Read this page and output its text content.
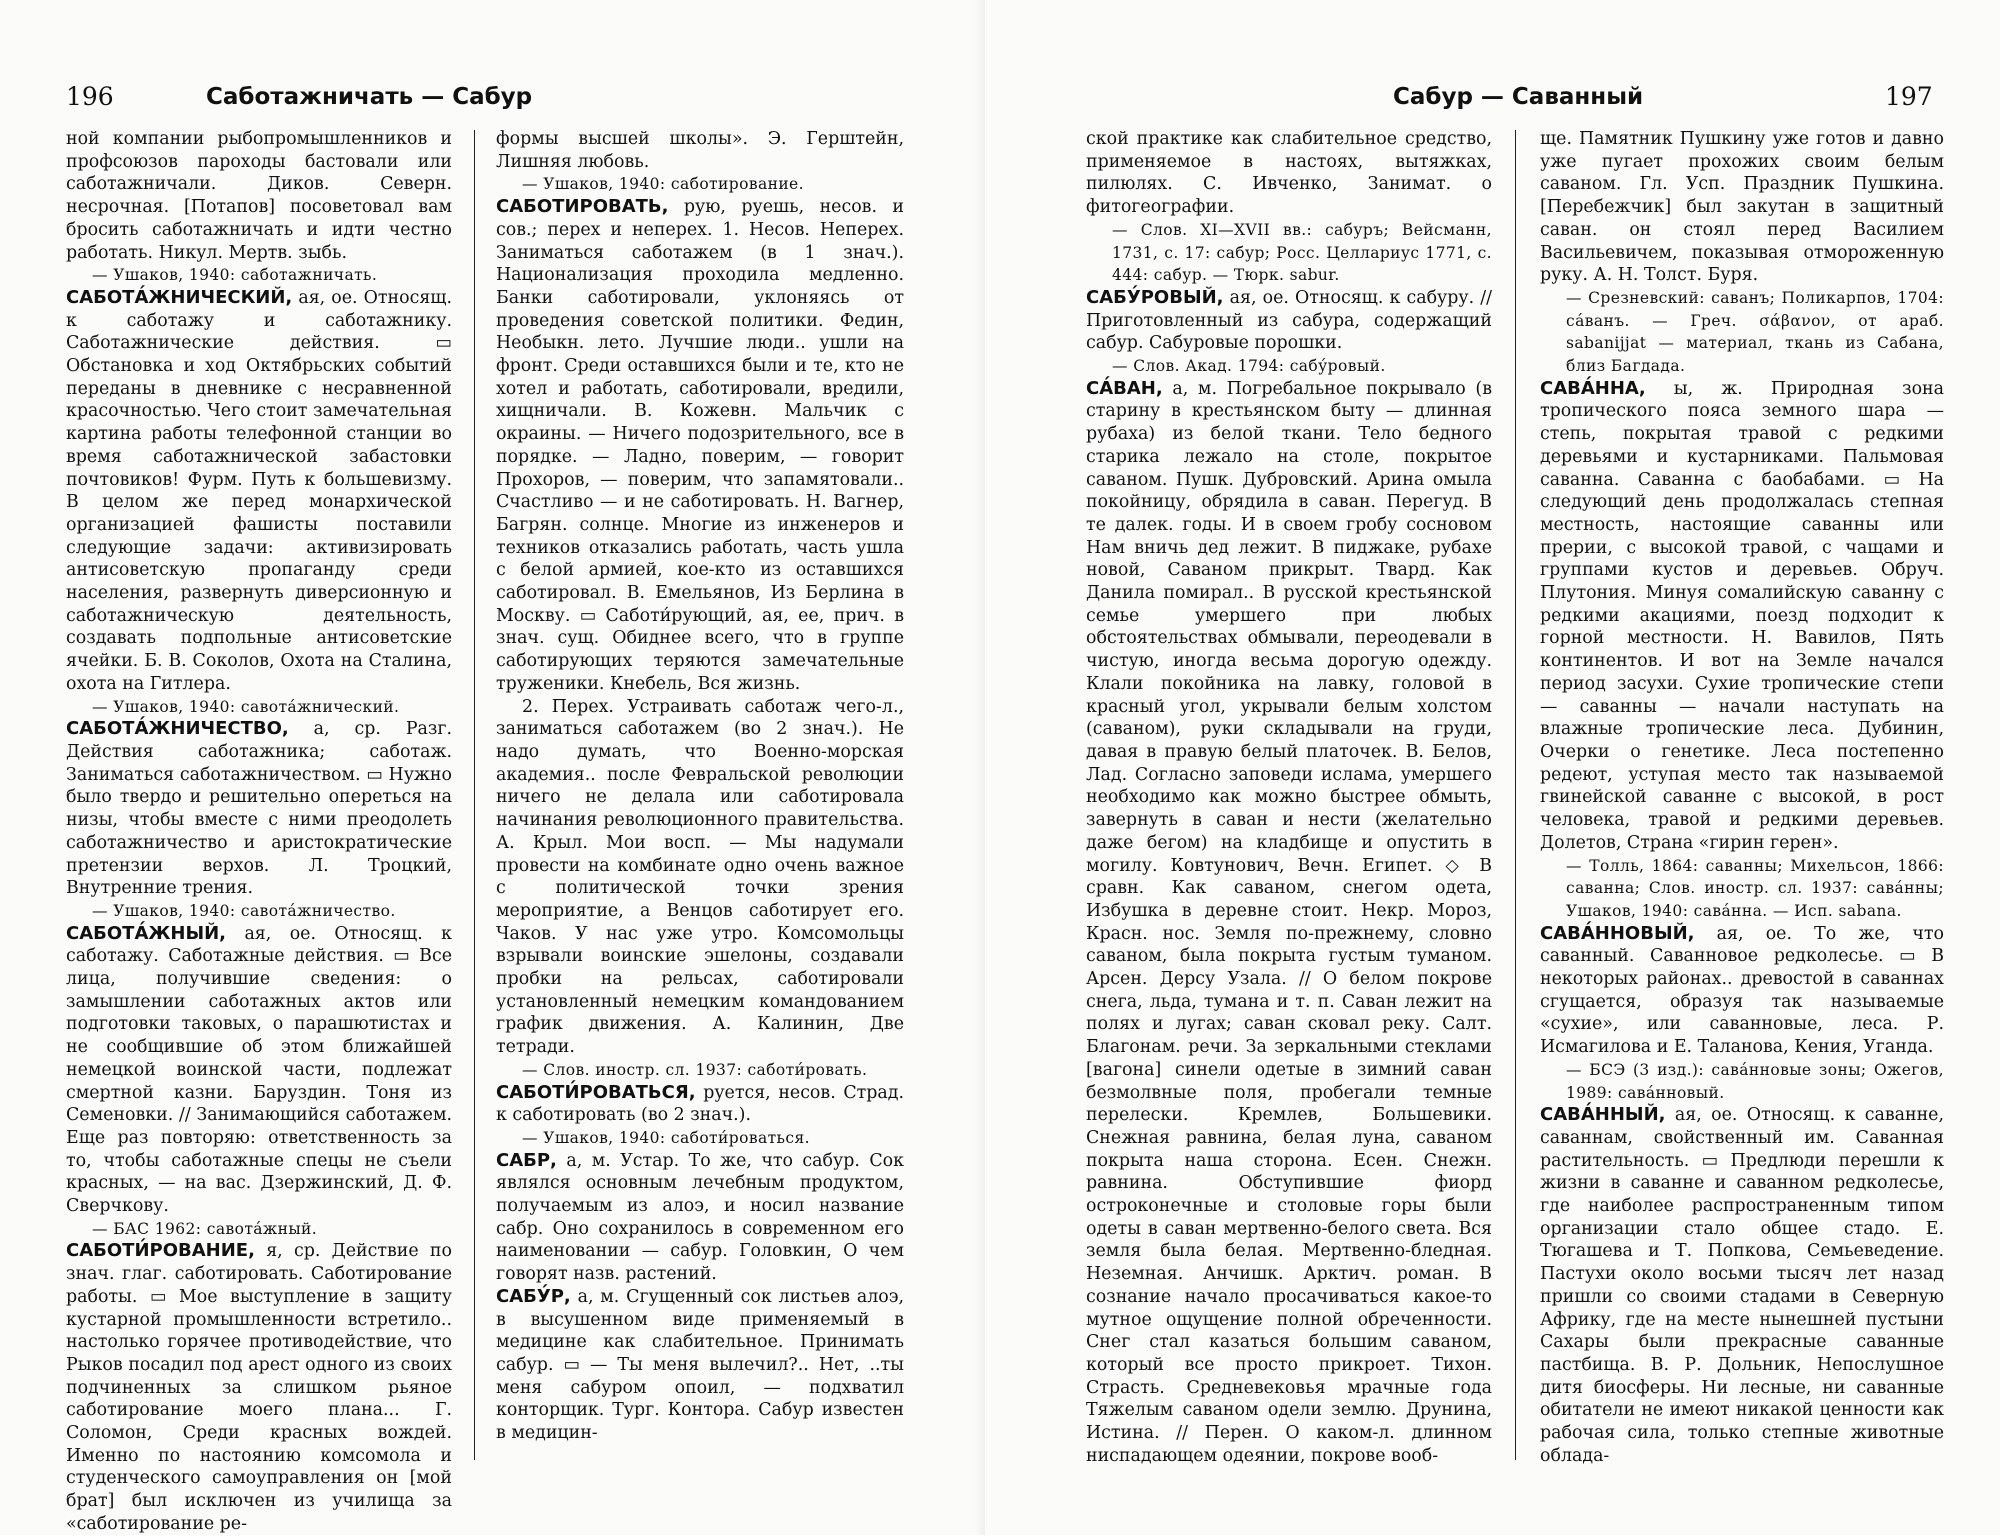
196	Саботажничать — Сабур

ной компании рыбопромышленников и профсоюзов пароходы бастовали или саботажничали. Диков. Северн. несрочная. [Потапов] посоветовал вам бросить саботажничать и идти честно работать. Никул. Мертв. зыбь.

— Ушаков, 1940: саботажничать.

САБОТА́ЖНИЧЕСКИЙ, ая, ое. Относящ. к саботажу и саботажнику. Саботажнические действия. ▭ Обстановка и ход Октябрьских событий переданы в дневнике с несравненной красочностью. Чего стоит замечательная картина работы телефонной станции во время саботажнической забастовки почтовиков! Фурм. Путь к большевизму. В целом же перед монархической организацией фашисты поставили следующие задачи: активизировать антисоветскую пропаганду среди населения, развернуть диверсионную и саботажническую деятельность, создавать подпольные антисоветские ячейки. Б. В. Соколов, Охота на Сталина, охота на Гитлера.

— Ушаков, 1940: савота́жнический.

САБОТА́ЖНИЧЕСТВО, а, ср. Разг. Действия саботажника; саботаж. Заниматься саботажничеством. ▭ Нужно было твердо и решительно опереться на низы, чтобы вместе с ними преодолеть саботажничество и аристократические претензии верхов. Л. Троцкий, Внутренние трения.

— Ушаков, 1940: савота́жничество.

САБОТА́ЖНЫЙ, ая, ое. Относящ. к саботажу. Саботажные действия. ▭ Все лица, получившие сведения: о замышлении саботажных актов или подготовки таковых, о парашютистах и не сообщившие об этом ближайшей немецкой воинской части, подлежат смертной казни. Баруздин. Тоня из Семеновки. // Занимающийся саботажем. Еще раз повторяю: ответственность за то, чтобы саботажные спецы не съели красных, — на вас. Дзержинский, Д. Ф. Сверчкову.

— БАС 1962: савота́жный.

САБОТИ́РОВАНИЕ, я, ср. Действие по знач. глаг. саботировать. Саботирование работы. ▭ Мое выступление в защиту кустарной промышленности встретило.. настолько горячее противодействие, что Рыков посадил под арест одного из своих подчиненных за слишком рьяное саботирование моего плана... Г. Соломон, Среди красных вождей. Именно по настоянию комсомола и студенческого самоуправления он [мой брат] был исключен из училища за «саботирование ре-

формы высшей школы». Э. Герштейн, Лишняя любовь.

— Ушаков, 1940: саботирование.

САБОТИРОВАТЬ, рую, руешь, несов. и сов.; перех и неперех. 1. Несов. Неперех. Заниматься саботажем (в 1 знач.). Национализация проходила медленно. Банки саботировали, уклоняясь от проведения советской политики. Федин, Необыкн. лето. Лучшие люди.. ушли на фронт. Среди оставшихся были и те, кто не хотел и работать, саботировали, вредили, хищничали. В. Кожевн. Мальчик с окраины. — Ничего подозрительного, все в порядке. — Ладно, поверим, — говорит Прохоров, — поверим, что запамятовали.. Счастливо — и не саботировать. Н. Вагнер, Багрян. солнце. Многие из инженеров и техников отказались работать, часть ушла с белой армией, кое-кто из оставшихся саботировал. В. Емельянов, Из Берлина в Москву. ▭ Саботи́рующий, ая, ее, прич. в знач. сущ. Обиднее всего, что в группе саботирующих теряются замечательные труженики. Кнебель, Вся жизнь.

2. Перех. Устраивать саботаж чего-л., заниматься саботажем (во 2 знач.). Не надо думать, что Военно-морская академия.. после Февральской революции ничего не делала или саботировала начинания революционного правительства. А. Крыл. Мои восп. — Мы надумали провести на комбинате одно очень важное с политической точки зрения мероприятие, а Венцов саботирует его. Чаков. У нас уже утро. Комсомольцы взрывали воинские эшелоны, создавали пробки на рельсах, саботировали установленный немецким командованием график движения. А. Калинин, Две тетради.

— Слов. иностр. сл. 1937: саботи́ровать.

САБОТИ́РОВАТЬСЯ, руется, несов. Страд. к саботировать (во 2 знач.).

— Ушаков, 1940: саботи́роваться.

САБР, а, м. Устар. То же, что сабур. Сок являлся основным лечебным продуктом, получаемым из алоэ, и носил название сабр. Оно сохранилось в современном его наименовании — сабур. Головкин, О чем говорят назв. растений.

САБУ́Р, а, м. Сгущенный сок листьев алоэ, в высушенном виде применяемый в медицине как слабительное. Принимать сабур. ▭ — Ты меня вылечил?.. Нет, ..ты меня сабуром опоил, — подхватил конторщик. Тург. Контора. Сабур известен в медицин-

Сабур — Саванный	197

ской практике как слабительное средство, применяемое в настоях, вытяжках, пилюлях. С. Ивченко, Занимат. о фитогеографии.

— Слов. XI—XVII вв.: сабуръ; Вейсманн, 1731, с. 17: сабур; Росс. Целлариус 1771, с. 444: сабур. — Тюрк. sabur.

САБУ́РОВЫЙ, ая, ое. Относящ. к сабуру. // Приготовленный из сабура, содержащий сабур. Сабуровые порошки.

— Слов. Акад. 1794: сабу́ровый.

СА́ВАН, а, м. Погребальное покрывало (в старину в крестьянском быту — длинная рубаха) из белой ткани. Тело бедного старика лежало на столе, покрытое саваном. Пушк. Дубровский. Арина омыла покойницу, обрядила в саван. Перегуд. В те далек. годы. И в своем гробу сосновом Нам вничь дед лежит. В пиджаке, рубахе новой, Саваном прикрыт. Твард. Как Данила помирал.. В русской крестьянской семье умершего при любых обстоятельствах обмывали, переодевали в чистую, иногда весьма дорогую одежду. Клали покойника на лавку, головой в красный угол, укрывали белым холстом (саваном), руки складывали на груди, давая в правую белый платочек. В. Белов, Лад. Согласно заповеди ислама, умершего необходимо как можно быстрее обмыть, завернуть в саван и нести (желательно даже бегом) на кладбище и опустить в могилу. Ковтунович, Вечн. Египет. ◇ В сравн. Как саваном, снегом одета, Избушка в деревне стоит. Некр. Мороз, Красн. нос. Земля по-прежнему, словно саваном, была покрыта густым туманом. Арсен. Дерсу Узала. // О белом покрове снега, льда, тумана и т. п. Саван лежит на полях и лугах; саван сковал реку. Салт. Благонам. речи. За зеркальными стеклами [вагона] синели одетые в зимний саван безмолвные поля, пробегали темные перелески. Кремлев, Большевики. Снежная равнина, белая луна, саваном покрыта наша сторона. Есен. Снежн. равнина. Обступившие фиорд остроконечные и столовые горы были одеты в саван мертвенно-белого света. Вся земля была белая. Мертвенно-бледная. Неземная. Анчишк. Арктич. роман. В сознание начало просачиваться какое-то мутное ощущение полной обреченности. Снег стал казаться большим саваном, который все просто прикроет. Тихон. Страсть. Средневековья мрачные года Тяжелым саваном одели землю. Друнина, Истина. // Перен. О каком-л. длинном ниспадающем одеянии, покрове вооб-

ще. Памятник Пушкину уже готов и давно уже пугает прохожих своим белым саваном. Гл. Усп. Праздник Пушкина. [Перебежчик] был закутан в защитный саван. он стоял перед Василием Васильевичем, показывая отмороженную руку. А. Н. Толст. Буря.

— Срезневский: саванъ; Поликарпов, 1704: са́ванъ. — Греч. σάβανον, от араб. sabanijjat — материал, ткань из Сабана, близ Багдада.

САВА́ННА, ы, ж. Природная зона тропического пояса земного шара — степь, покрытая травой с редкими деревьями и кустарниками. Пальмовая саванна. Саванна с баобабами. ▭ На следующий день продолжалась степная местность, настоящие саванны или прерии, с высокой травой, с чащами и группами кустов и деревьев. Обруч. Плутония. Минуя сомалийскую саванну с редкими акациями, поезд подходит к горной местности. Н. Вавилов, Пять континентов. И вот на Земле начался период засухи. Сухие тропические степи — саванны — начали наступать на влажные тропические леса. Дубинин, Очерки о генетике. Леса постепенно редеют, уступая место так называемой гвинейской саванне с высокой, в рост человека, травой и редкими деревьев. Долетов, Страна «гирин герен».

— Толль, 1864: саванны; Михельсон, 1866: саванна; Слов. иностр. сл. 1937: сава́нны; Ушаков, 1940: сава́нна. — Исп. sabana.

САВА́ННОВЫЙ, ая, ое. То же, что саванный. Саванновое редколесье. ▭ В некоторых районах.. древостой в саваннах сгущается, образуя так называемые «сухие», или саванновые, леса. Р. Исмагилова и Е. Таланова, Кения, Уганда.

— БСЭ (3 изд.): сава́нновые зоны; Ожегов, 1989: сава́нновый.

САВА́ННЫЙ, ая, ое. Относящ. к саванне, саваннам, свойственный им. Саванная растительность. ▭ Предлюди перешли к жизни в саванне и саванном редколесье, где наиболее распространенным типом организации стало общее стадо. Е. Тюгашева и Т. Попкова, Семьеведение. Пастухи около восьми тысяч лет назад пришли со своими стадами в Северную Африку, где на месте нынешней пустыни Сахары были прекрасные саванные пастбища. В. Р. Дольник, Непослушное дитя биосферы. Ни лесные, ни саванные обитатели не имеют никакой ценности как рабочая сила, только степные животные облада-
